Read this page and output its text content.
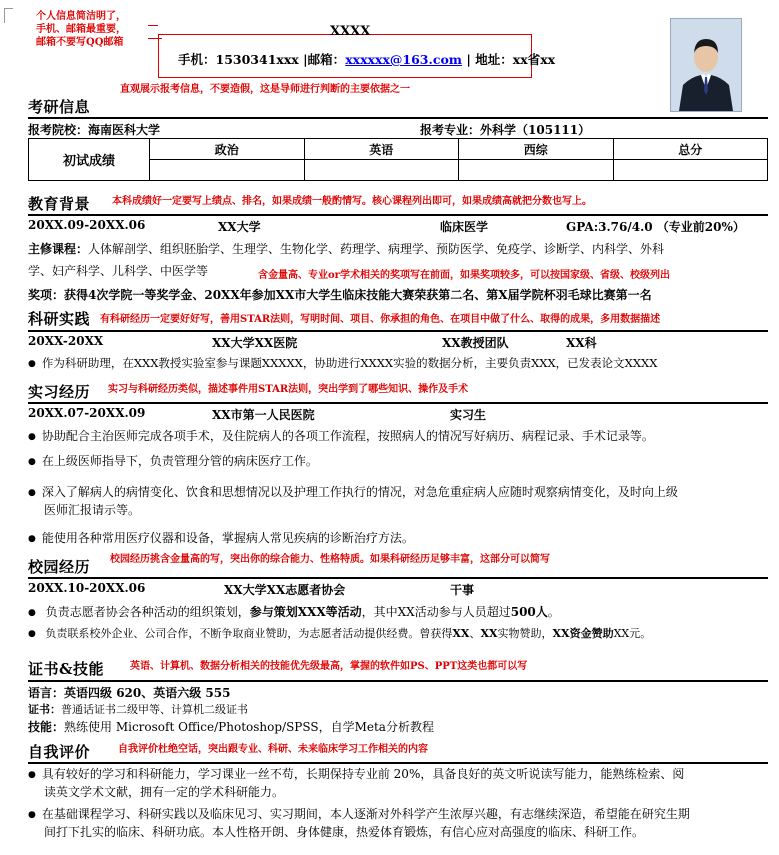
个人信息简洁明了，
手机、邮箱最重要，
邮箱不要写QQ邮箱
XXXX
手机：1530341xxx |邮箱：xxxxxx@163.com | 地址：xx省xx
直观展示报考信息，不要造假，这是导师进行判断的主要依据之一
考研信息
报考院校：海南医科大学	报考专业：外科学（105111）
初试成绩	政治	英语	西综	总分

教育背景 本科成绩好一定要写上绩点、排名，如果成绩一般酌情写。核心课程列出即可，如果成绩高就把分数也写上。
20XX.09-20XX.06	XX大学	临床医学	GPA:3.76/4.0 （专业前20%）
主修课程：人体解剖学、组织胚胎学、生理学、生物化学、药理学、病理学、预防医学、免疫学、诊断学、内科学、外科
学、妇产科学、儿科学、中医学等	含金量高、专业or学术相关的奖项写在前面，如果奖项较多，可以按国家级、省级、校级列出
奖项：获得4次学院一等奖学金、20XX年参加XX市大学生临床技能大赛荣获第二名、第X届学院杯羽毛球比赛第一名
科研实践 有科研经历一定要好好写，善用STAR法则，写明时间、项目、你承担的角色、在项目中做了什么、取得的成果，多用数据描述
20XX-20XX	XX大学XX医院	XX教授团队	XX科
● 作为科研助理，在XXX教授实验室参与课题XXXXX，协助进行XXXX实验的数据分析，主要负责XXX，已发表论文XXXX
实习经历 实习与科研经历类似，描述事件用STAR法则，突出学到了哪些知识、操作及手术
20XX.07-20XX.09	XX市第一人民医院	实习生
● 协助配合主治医师完成各项手术，及住院病人的各项工作流程，按照病人的情况写好病历、病程记录、手术记录等。
● 在上级医师指导下，负责管理分管的病床医疗工作。
● 深入了解病人的病情变化、饮食和思想情况以及护理工作执行的情况，对急危重症病人应随时观察病情变化，及时向上级
医师汇报请示等。
● 能使用各种常用医疗仪器和设备，掌握病人常见疾病的诊断治疗方法。
校园经历 校园经历挑含金量高的写，突出你的综合能力、性格特质。如果科研经历足够丰富，这部分可以简写
20XX.10-20XX.06	XX大学XX志愿者协会	干事
● 负责志愿者协会各种活动的组织策划，参与策划XXX等活动，其中XX活动参与人员超过500人。
● 负责联系校外企业、公司合作，不断争取商业赞助，为志愿者活动提供经费。曾获得XX、XX实物赞助，XX资金赞助XX元。
证书&技能	英语、计算机、数据分析相关的技能优先级最高，掌握的软件如PS、PPT这类也都可以写
语言：英语四级 620、英语六级 555
证书：普通话证书二级甲等、计算机二级证书
技能：熟练使用 Microsoft Office/Photoshop/SPSS，自学Meta分析教程
自我评价	自我评价杜绝空话，突出跟专业、科研、未来临床学习工作相关的内容
● 具有较好的学习和科研能力，学习课业一丝不苟，长期保持专业前 20%，具备良好的英文听说读写能力，能熟练检索、阅
读英文学术文献，拥有一定的学术科研能力。
● 在基础课程学习、科研实践以及临床见习、实习期间，本人逐渐对外科学产生浓厚兴趣，有志继续深造，希望能在研究生期
间打下扎实的临床、科研功底。本人性格开朗、身体健康，热爱体育锻炼，有信心应对高强度的临床、科研工作。
